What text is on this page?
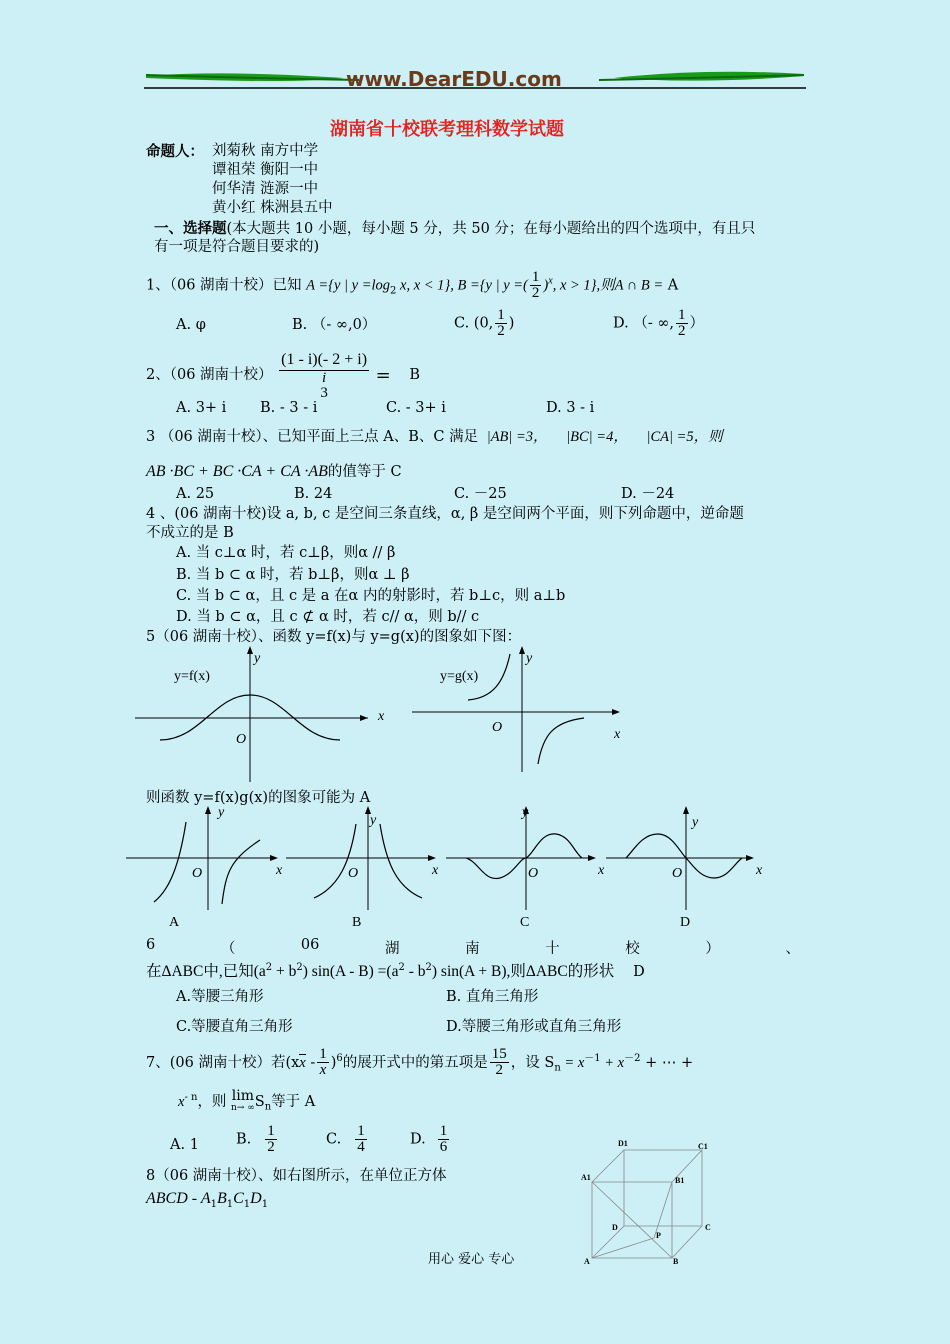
www.DearEDU.com
湖南省十校联考理科数学试题
命题人： 刘菊秋 南方中学
谭祖荣 衡阳一中
何华清 涟源一中
黄小红 株洲县五中
一、选择题(本大题共 10 小题，每小题 5 分，共 50 分；在每小题给出的四个选项中，有且只
有一项是符合题目要求的)
1、（06 湖南十校）已知 A ={y | $y =\log_2$ x, x < 1}, B ={y | y =( $\frac{1}{2} )^x$, x > 1},则A ∩ B = A
A. φ	B. （- ∞,0）	C. (0, $\frac{1}{2}$ )	D. （- ∞, $\frac{1}{2}$ ）
2、（06 湖南十校） (1 - i)(- 2 + i)
i
3 = B
A. 3+ i B. - 3 - i	C. - 3+ i	D. 3 - i
3 （06 湖南十校）、已知平面上三点 A、B、C 满足 |AB| =3， |BC| =4， |CA| =5，则
AB ·BC + BC ·CA + CA ·AB的值等于 C
A. 25	B. 24	C. －25	D. －24
4 、(06 湖南十校)设 a, b, c 是空间三条直线，α, β 是空间两个平面，则下列命题中，逆命题
不成立的是 B
A. 当 c⊥α 时，若 c⊥β，则α // β
B. 当 b ⊂ α 时，若 b⊥β，则α ⊥ β
C. 当 b ⊂ α，且 c 是 a 在α 内的射影时，若 b⊥c，则 a⊥b
D. 当 b ⊂ α，且 c ⊄ α 时，若 c// α，则 b// c
5（06 湖南十校）、函数 y=f(x)与 y=g(x)的图象如下图：
x
y
O
y=f(x)
x
y
O
y=g(x)
则函数 y=f(x)g(x)的图象可能为 A
y
x
O
A
y
x
O
B
y
x
O
C
y
x
O
D
6	（	06	湖	南	十	校	）	、
在ΔABC中,已知$(a^2 + b^2)$ $\sin(A - B) =(a^2 - b^2) \sin(A + B)$,则ΔABC的形状 D
A.等腰三角形	B. 直角三角形
C.等腰直角三角形	D.等腰三角形或直角三角形
7、(06 湖南十校）若$(xx - \frac{1}{x} )^6$的展开式中的第五项是 $\frac{15}{2}$ ，设 $S_n = x^{-1} + x^{-2}$ + ⋯ +
$x^{- n}$，则 lim
n→ ∞ $S_n$等于 A
A. 1	B. $\frac{1}{2}$	C. $\frac{1}{4}$	D. $\frac{1}{6}$
8（06 湖南十校）、如右图所示，在单位正方体
ABCD - $A_1B_1C_1D_1$
D1	C1
A1	B1
D
P
C
A	B
用心 爱心 专心
